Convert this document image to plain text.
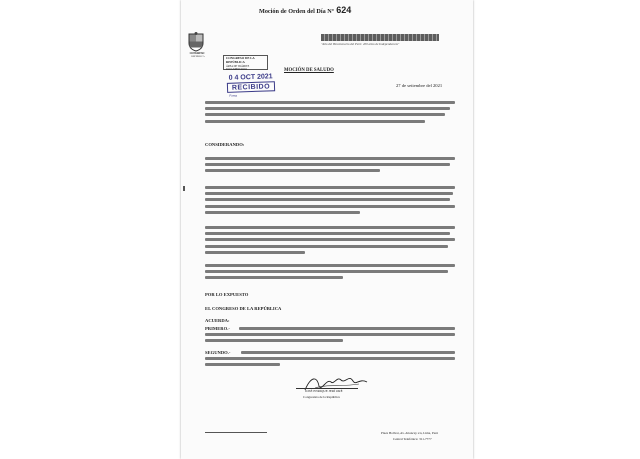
Moción de Orden del Día Nº 624
CONGRESO
REPÚBLICA
"Año del Bicentenario del Perú: 200 años de Independencia"
CONGRESO DE LA REPÚBLICA
ÁREA DE TRÁMITE DOCUMENTARIO	MOCIÓN DE SALUDO
0 4 OCT 2021
RECIBIDO
Firma
27 de setiembre del 2021
CONSIDERANDO:
POR LO EXPUESTO
EL CONGRESO DE LA REPÚBLICA
ACUERDA:
PRIMERO.-
SEGUNDO.-
JOSÉ ENRIQUE JERÍ ORÉ
Congresista de la República
Plaza Bolívar, Av. Abancay s/n, Lima, Perú
Central Telefónica: 311-7777
